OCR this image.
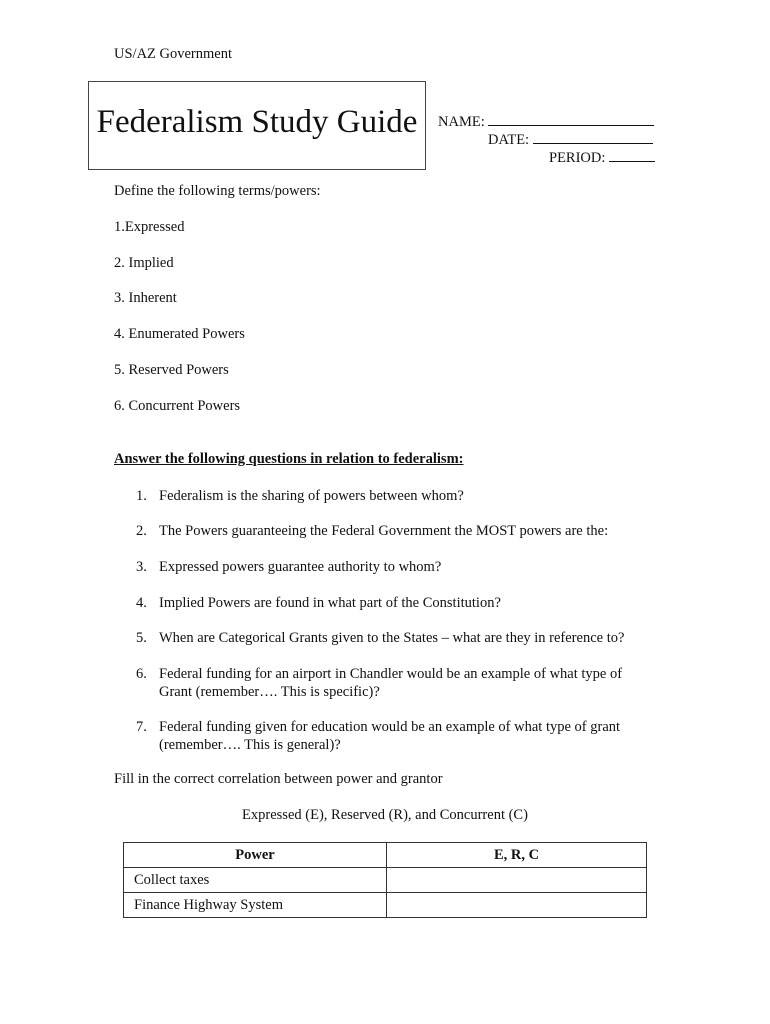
US/AZ Government
Federalism Study Guide	NAME:
DATE:
PERIOD:
Define the following terms/powers:
1.Expressed
2. Implied
3. Inherent
4. Enumerated Powers
5. Reserved Powers
6. Concurrent Powers
Answer the following questions in relation to federalism:
1. Federalism is the sharing of powers between whom?
2. The Powers guaranteeing the Federal Government the MOST powers are the:
3. Expressed powers guarantee authority to whom?
4. Implied Powers are found in what part of the Constitution?
5. When are Categorical Grants given to the States – what are they in reference to?
6. Federal funding for an airport in Chandler would be an example of what type of Grant (remember…. This is specific)?
7. Federal funding given for education would be an example of what type of grant (remember…. This is general)?
Fill in the correct correlation between power and grantor
Expressed (E), Reserved (R), and Concurrent (C)
Power	E, R, C
Collect taxes	
Finance Highway System	
